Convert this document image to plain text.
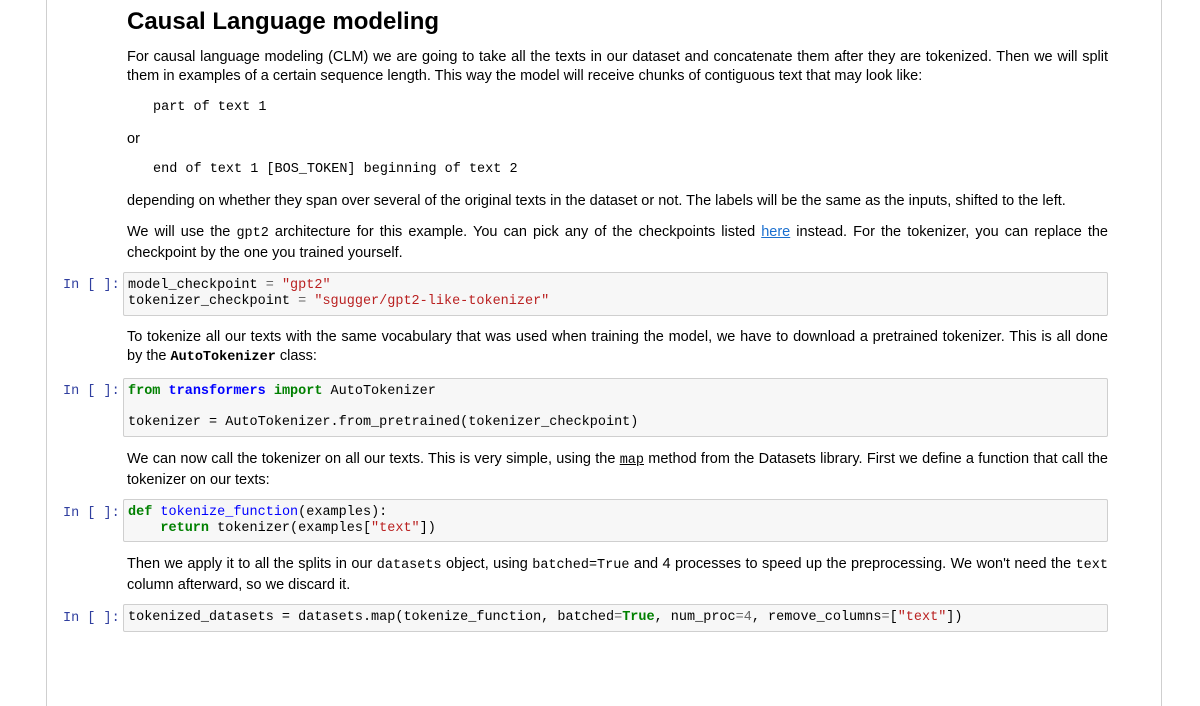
Causal Language modeling

For causal language modeling (CLM) we are going to take all the texts in our dataset and concatenate them after they are tokenized. Then we will split them in examples of a certain sequence length. This way the model will receive chunks of contiguous text that may look like:

part of text 1
or
end of text 1 [BOS_TOKEN] beginning of text 2

depending on whether they span over several of the original texts in the dataset or not. The labels will be the same as the inputs, shifted to the left.

We will use the gpt2 architecture for this example. You can pick any of the checkpoints listed here instead. For the tokenizer, you can replace the checkpoint by the one you trained yourself.

In [ ]: model_checkpoint = "gpt2"
tokenizer_checkpoint = "sgugger/gpt2-like-tokenizer"

To tokenize all our texts with the same vocabulary that was used when training the model, we have to download a pretrained tokenizer. This is all done by the AutoTokenizer class:

In [ ]: from transformers import AutoTokenizer

tokenizer = AutoTokenizer.from_pretrained(tokenizer_checkpoint)

We can now call the tokenizer on all our texts. This is very simple, using the map method from the Datasets library. First we define a function that call the tokenizer on our texts:

In [ ]: def tokenize_function(examples):
return tokenizer(examples["text"])

Then we apply it to all the splits in our datasets object, using batched=True and 4 processes to speed up the preprocessing. We won't need the text column afterward, so we discard it.

In [ ]: tokenized_datasets = datasets.map(tokenize_function, batched=True, num_proc=4, remove_columns=["text"])
